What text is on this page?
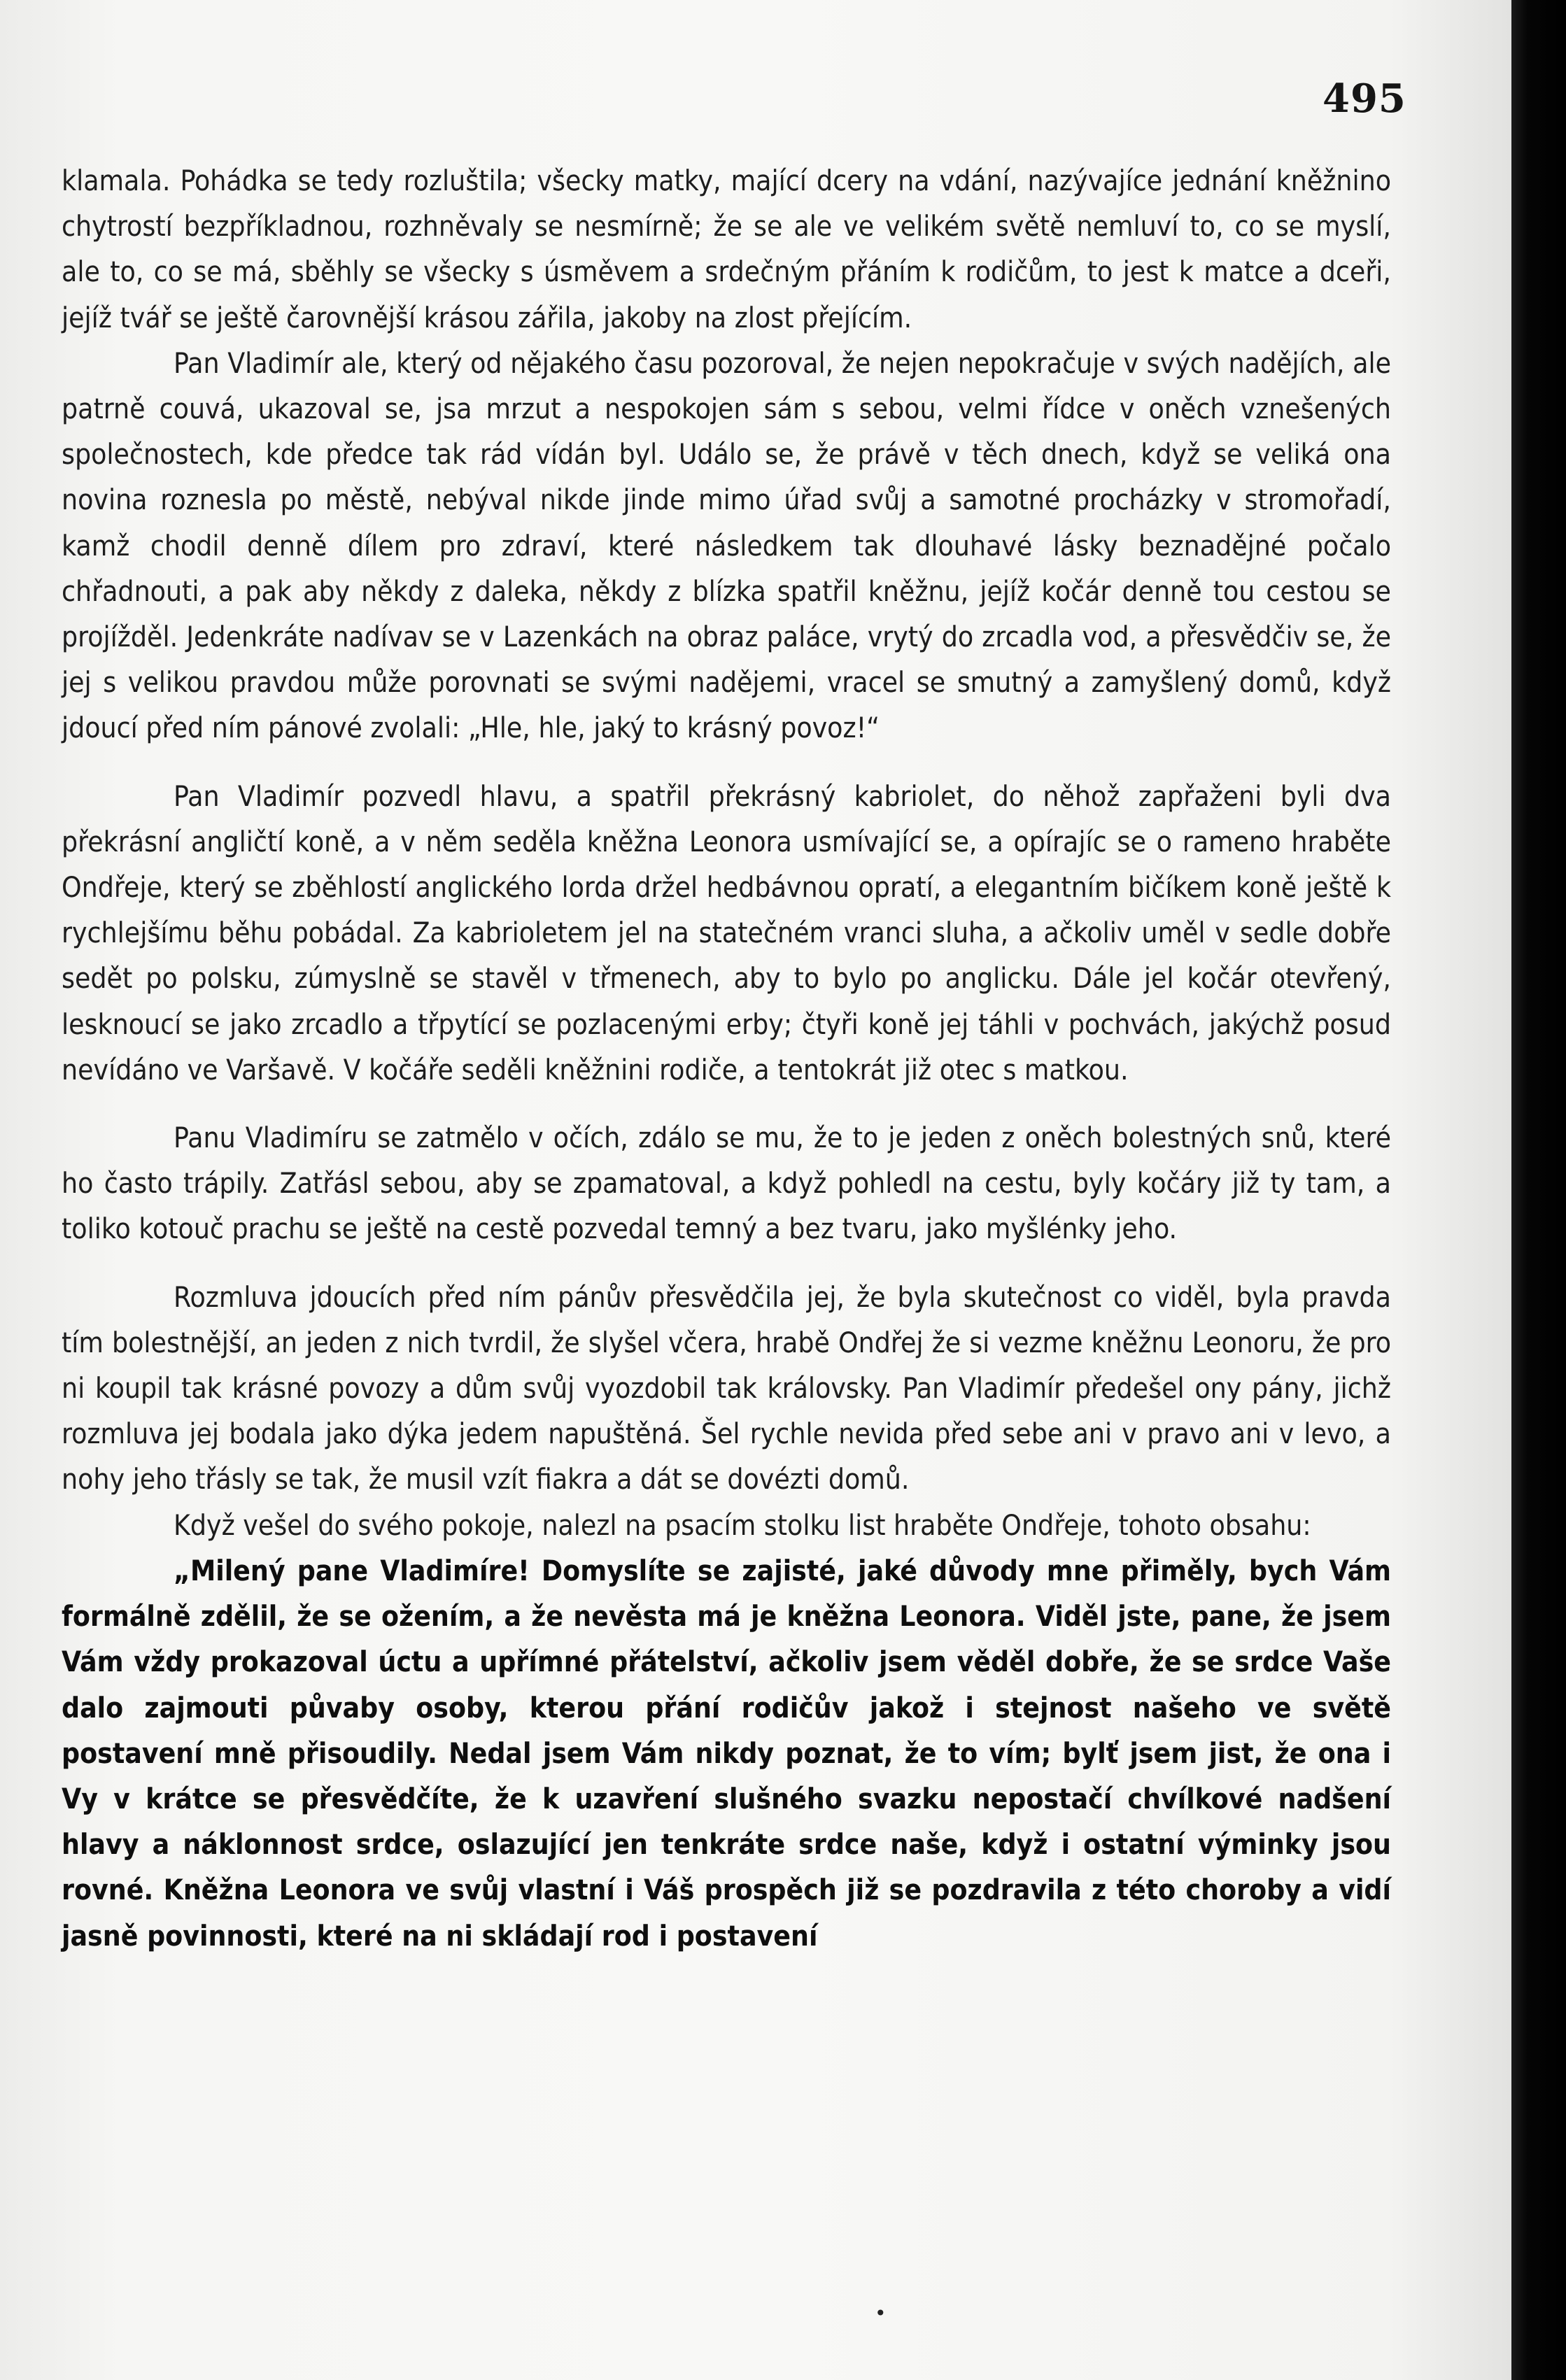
495

klamala. Pohádka se tedy rozluštila; všecky matky, mající dcery na vdání, nazývajíce jednání kněžnino chytrostí bezpříkladnou, rozhněvaly se nesmírně; že se ale ve velikém světě nemluví to, co se myslí, ale to, co se má, sběhly se všecky s úsměvem a srdečným přáním k rodičům, to jest k matce a dceři, jejíž tvář se ještě čarovnější krásou zářila, jakoby na zlost přejícím.

Pan Vladimír ale, který od nějakého času pozoroval, že nejen nepokračuje v svých nadějích, ale patrně couvá, ukazoval se, jsa mrzut a nespokojen sám s sebou, velmi řídce v oněch vznešených společnostech, kde předce tak rád vídán byl. Událo se, že právě v těch dnech, když se veliká ona novina roznesla po městě, nebýval nikde jinde mimo úřad svůj a samotné procházky v stromořadí, kamž chodil denně dílem pro zdraví, které následkem tak dlouhavé lásky beznadějné počalo chřadnouti, a pak aby někdy z daleka, někdy z blízka spatřil kněžnu, jejíž kočár denně tou cestou se projížděl. Jedenkráte nadívav se v Lazenkách na obraz paláce, vrytý do zrcadla vod, a přesvědčiv se, že jej s velikou pravdou může porovnati se svými nadějemi, vracel se smutný a zamyšlený domů, když jdoucí před ním pánové zvolali: „Hle, hle, jaký to krásný povoz!“

Pan Vladimír pozvedl hlavu, a spatřil překrásný kabriolet, do něhož zapřaženi byli dva překrásní angličtí koně, a v něm seděla kněžna Leonora usmívající se, a opírajíc se o rameno hraběte Ondřeje, který se zběhlostí anglického lorda držel hedbávnou opratí, a elegantním bičíkem koně ještě k rychlejšímu běhu pobádal. Za kabrioletem jel na statečném vranci sluha, a ačkoliv uměl v sedle dobře sedět po polsku, zúmyslně se stavěl v třmenech, aby to bylo po anglicku. Dále jel kočár otevřený, lesknoucí se jako zrcadlo a třpytící se pozlacenými erby; čtyři koně jej táhli v pochvách, jakýchž posud nevídáno ve Varšavě. V kočáře seděli kněžnini rodiče, a tentokrát již otec s matkou.

Panu Vladimíru se zatmělo v očích, zdálo se mu, že to je jeden z oněch bolestných snů, které ho často trápily. Zatřásl sebou, aby se zpamatoval, a když pohledl na cestu, byly kočáry již ty tam, a toliko kotouč prachu se ještě na cestě pozvedal temný a bez tvaru, jako myšlénky jeho.

Rozmluva jdoucích před ním pánův přesvědčila jej, že byla skutečnost co viděl, byla pravda tím bolestnější, an jeden z nich tvrdil, že slyšel včera, hrabě Ondřej že si vezme kněžnu Leonoru, že pro ni koupil tak krásné povozy a dům svůj vyozdobil tak královsky. Pan Vladimír předešel ony pány, jichž rozmluva jej bodala jako dýka jedem napuštěná. Šel rychle nevida před sebe ani v pravo ani v levo, a nohy jeho třásly se tak, že musil vzít fiakra a dát se dovézti domů.

Když vešel do svého pokoje, nalezl na psacím stolku list hraběte Ondřeje, tohoto obsahu:

„Milený pane Vladimíre! Domyslíte se zajisté, jaké důvody mne přiměly, bych Vám formálně zdělil, že se ožením, a že nevěsta má je kněžna Leonora. Viděl jste, pane, že jsem Vám vždy prokazoval úctu a upřímné přátelství, ačkoliv jsem věděl dobře, že se srdce Vaše dalo zajmouti půvaby osoby, kterou přání rodičův jakož i stejnost našeho ve světě postavení mně přisoudily. Nedal jsem Vám nikdy poznat, že to vím; bylť jsem jist, že ona i Vy v krátce se přesvědčíte, že k uzavření slušného svazku nepostačí chvílkové nadšení hlavy a náklonnost srdce, oslazující jen tenkráte srdce naše, když i ostatní výminky jsou rovné. Kněžna Leonora ve svůj vlastní i Váš prospěch již se pozdravila z této choroby a vidí jasně povinnosti, které na ni skládají rod i postavení

•
